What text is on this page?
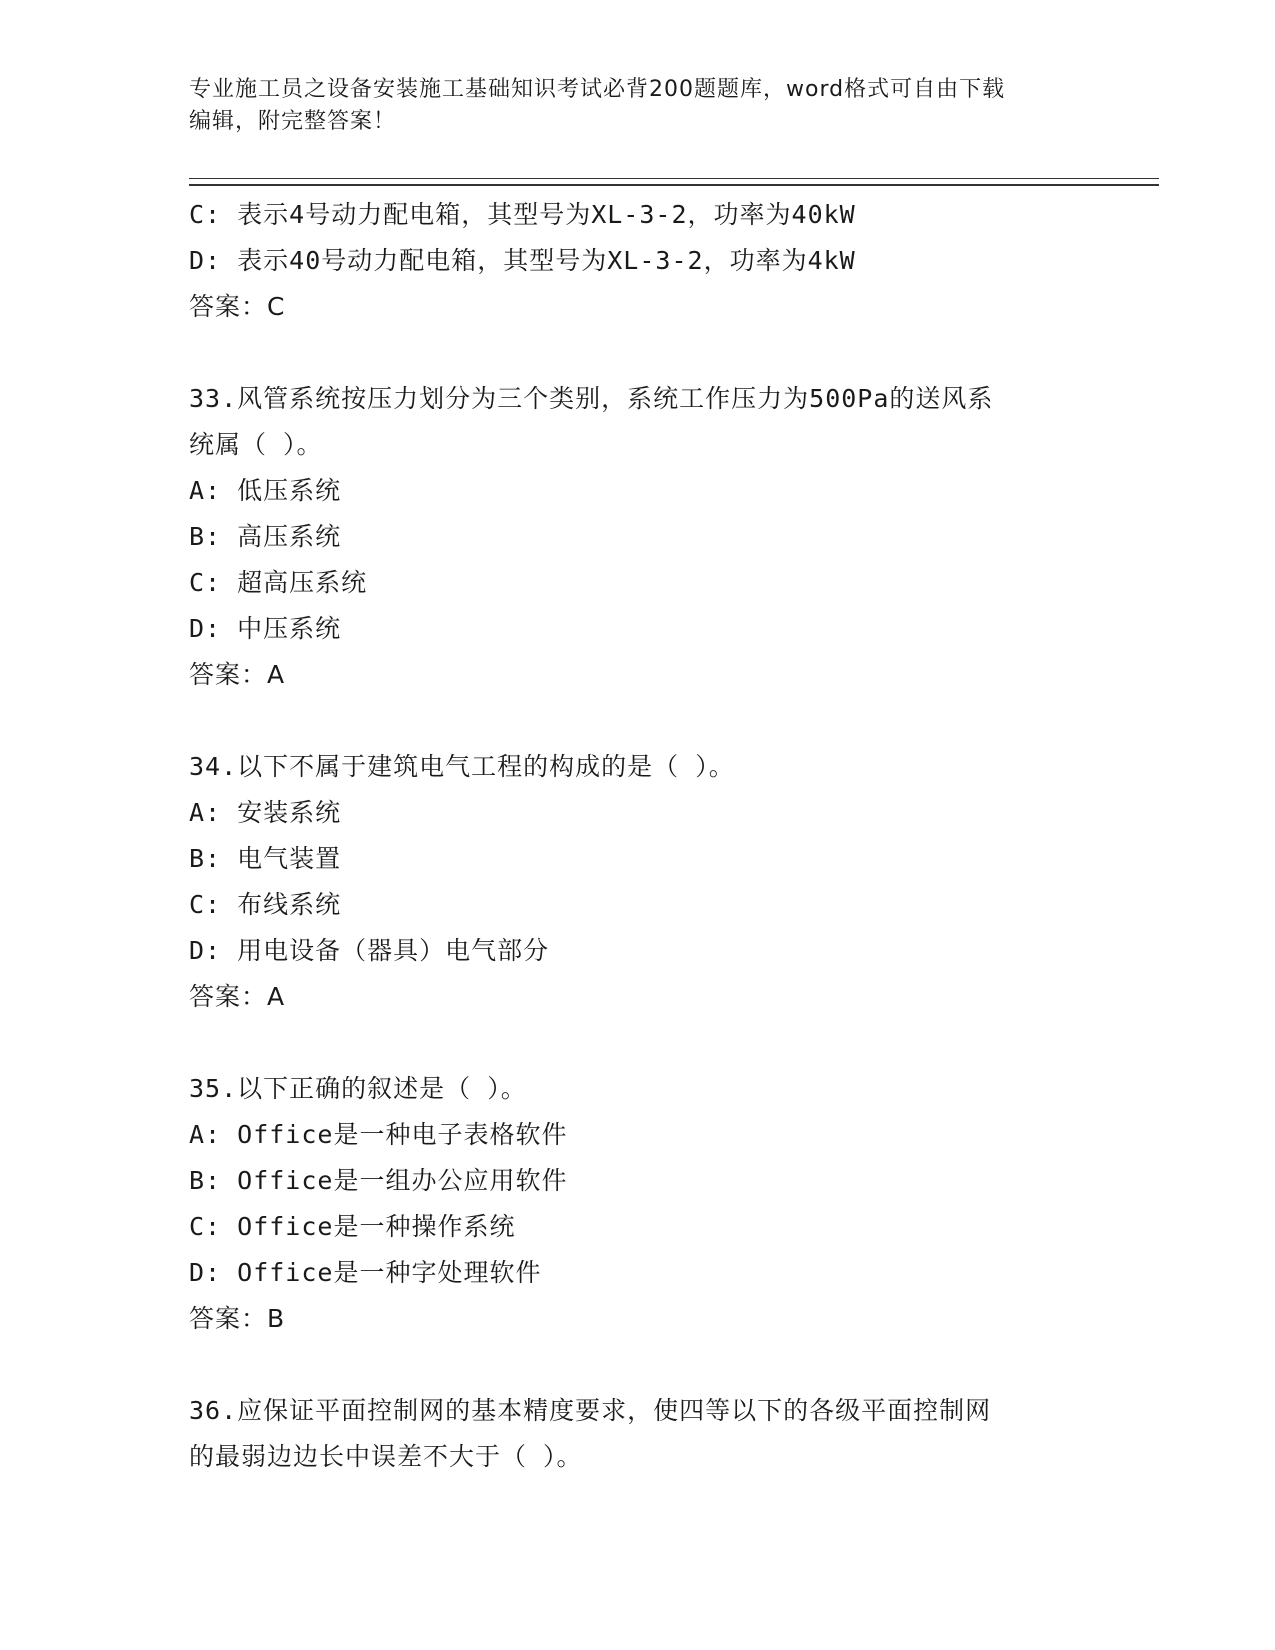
专业施工员之设备安装施工基础知识考试必背200题题库，word格式可自由下载
编辑，附完整答案！

C: 表示4号动力配电箱，其型号为XL-3-2，功率为40kW

D: 表示40号动力配电箱，其型号为XL-3-2，功率为4kW

答案：C

33.风管系统按压力划分为三个类别，系统工作压力为500Pa的送风系

统属（ ）。

A: 低压系统

B: 高压系统

C: 超高压系统

D: 中压系统

答案：A

34.以下不属于建筑电气工程的构成的是（ ）。

A: 安装系统

B: 电气装置

C: 布线系统

D: 用电设备（器具）电气部分

答案：A

35.以下正确的叙述是（ ）。

A: Office是一种电子表格软件

B: Office是一组办公应用软件

C: Office是一种操作系统

D: Office是一种字处理软件

答案：B

36.应保证平面控制网的基本精度要求，使四等以下的各级平面控制网

的最弱边边长中误差不大于（ ）。
